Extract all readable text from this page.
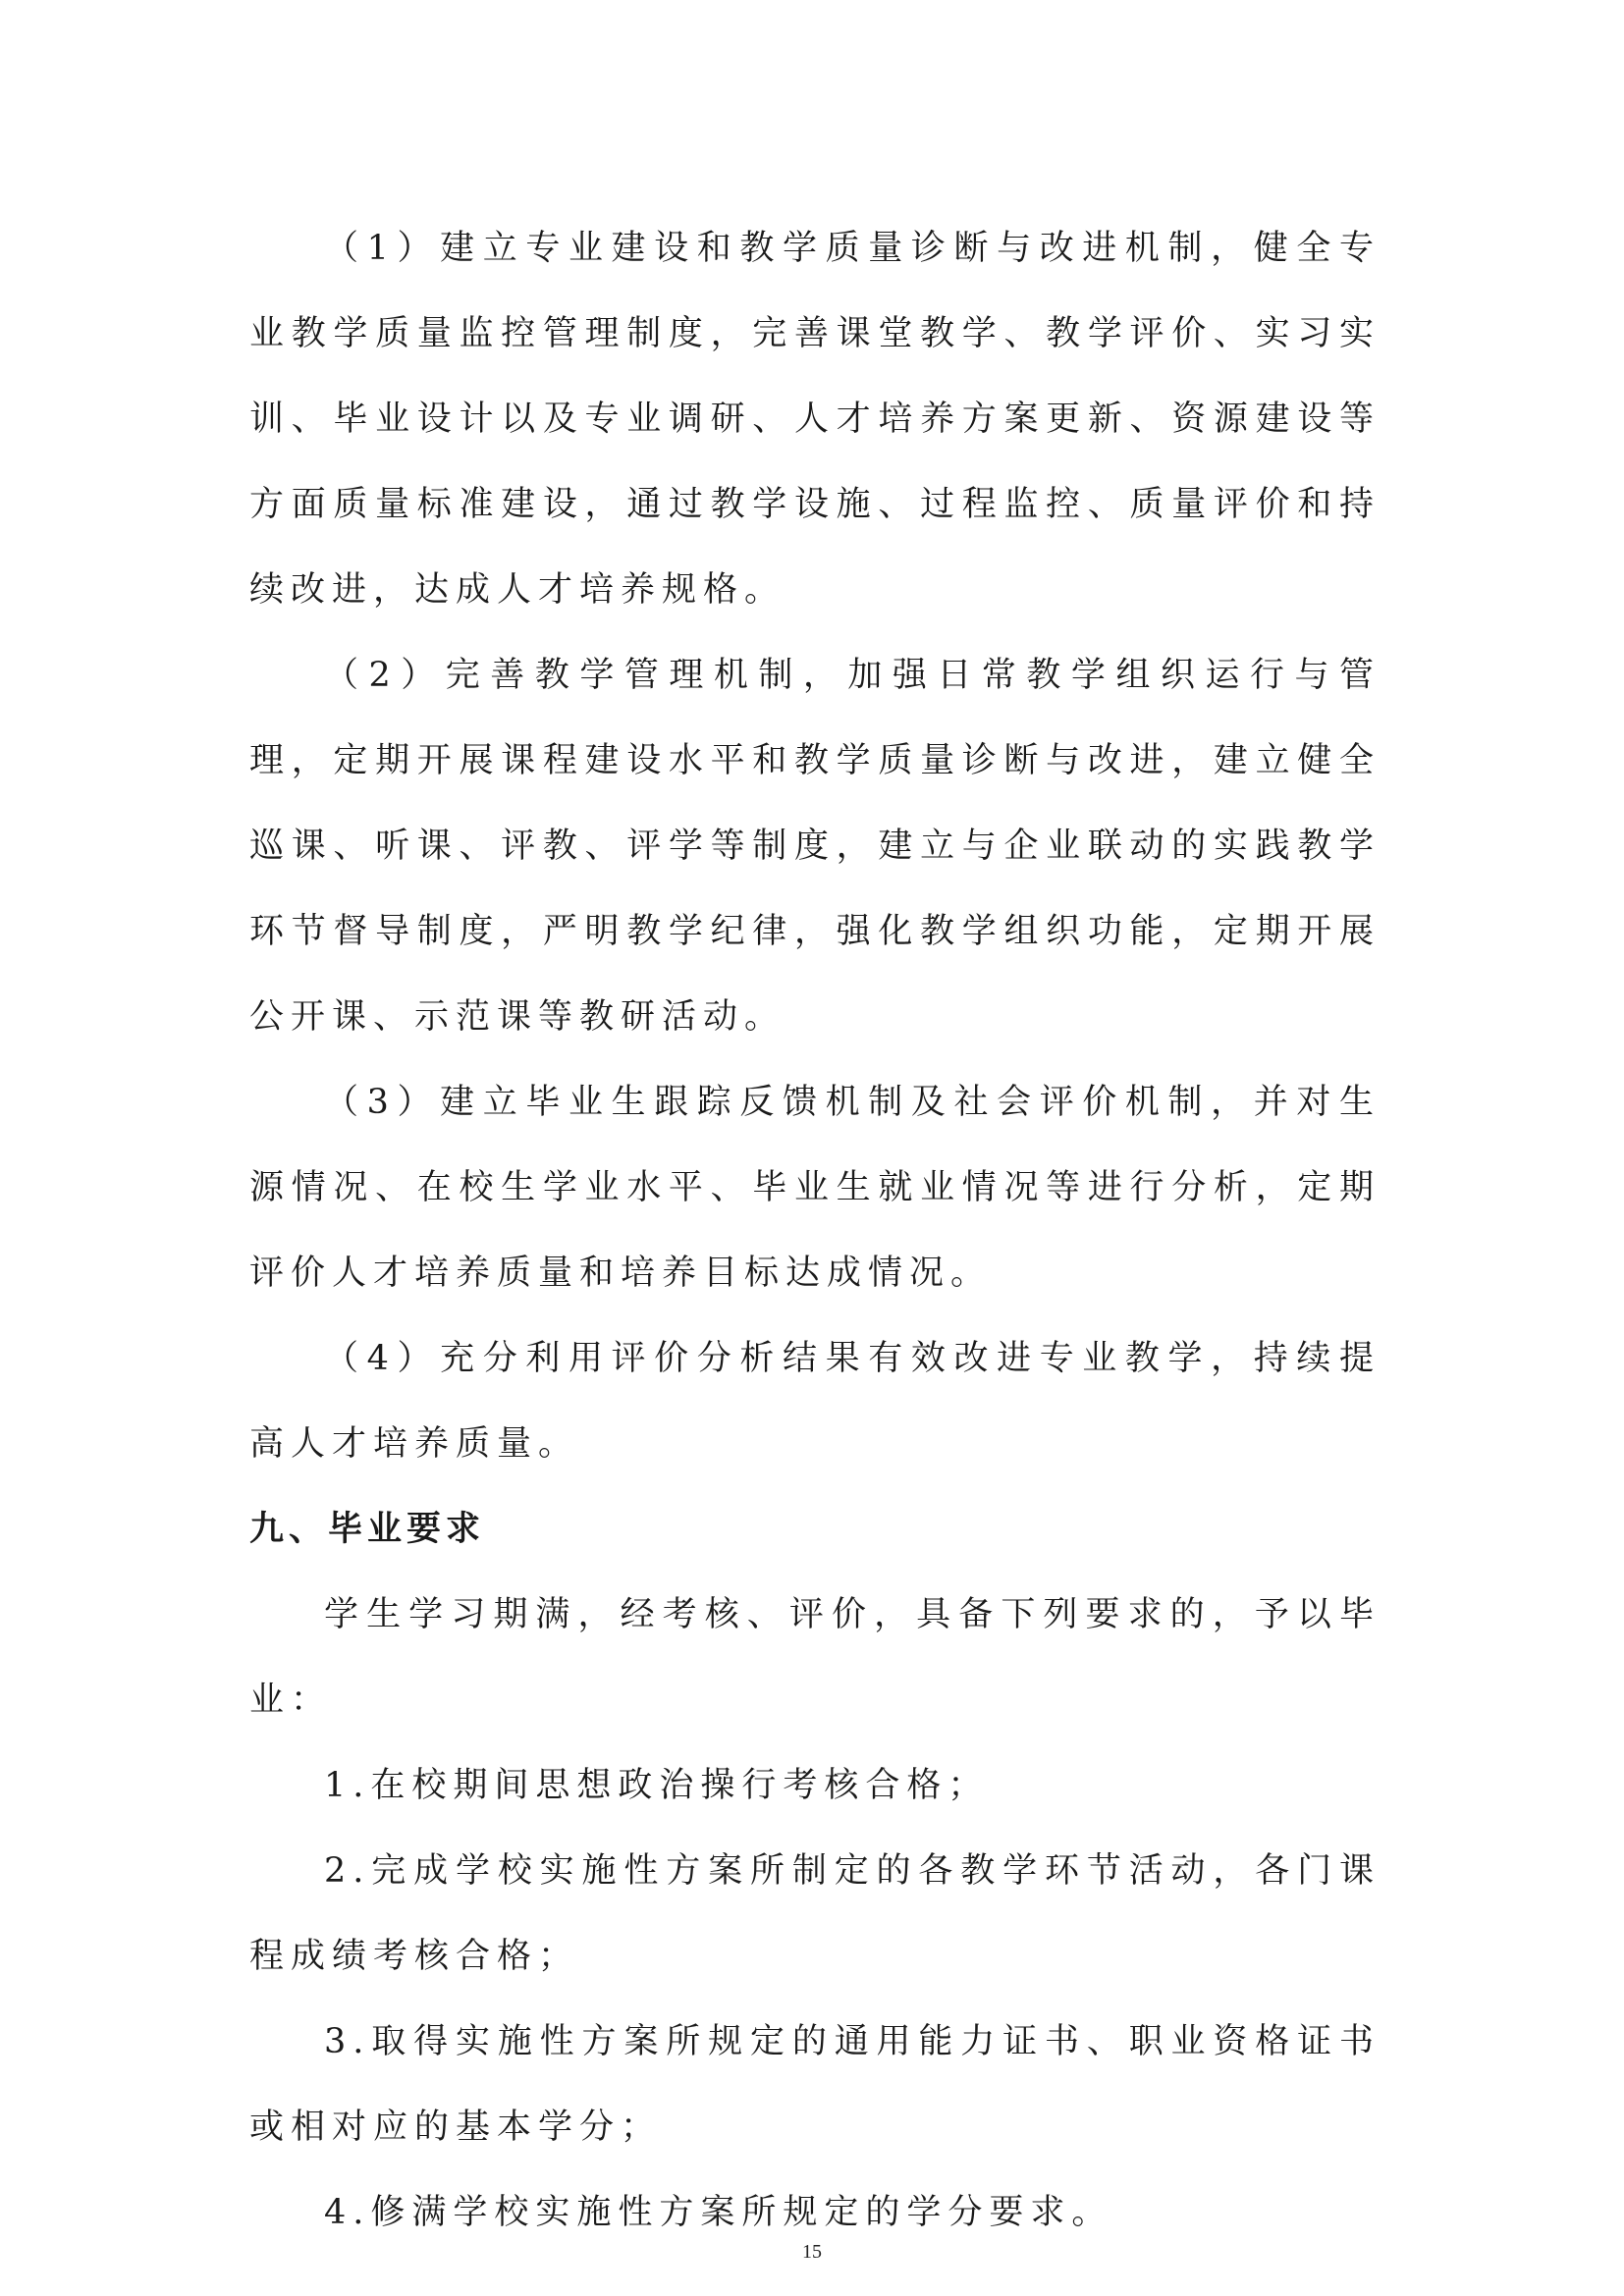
（1）建立专业建设和教学质量诊断与改进机制，健全专业教学质量监控管理制度，完善课堂教学、教学评价、实习实训、毕业设计以及专业调研、人才培养方案更新、资源建设等方面质量标准建设，通过教学设施、过程监控、质量评价和持续改进，达成人才培养规格。

（2）完善教学管理机制，加强日常教学组织运行与管理，定期开展课程建设水平和教学质量诊断与改进，建立健全巡课、听课、评教、评学等制度，建立与企业联动的实践教学环节督导制度，严明教学纪律，强化教学组织功能，定期开展公开课、示范课等教研活动。

（3）建立毕业生跟踪反馈机制及社会评价机制，并对生源情况、在校生学业水平、毕业生就业情况等进行分析，定期评价人才培养质量和培养目标达成情况。

（4）充分利用评价分析结果有效改进专业教学，持续提高人才培养质量。

九、毕业要求

学生学习期满，经考核、评价，具备下列要求的，予以毕业：

1.在校期间思想政治操行考核合格；

2.完成学校实施性方案所制定的各教学环节活动，各门课程成绩考核合格；

3.取得实施性方案所规定的通用能力证书、职业资格证书或相对应的基本学分；

4.修满学校实施性方案所规定的学分要求。

15
